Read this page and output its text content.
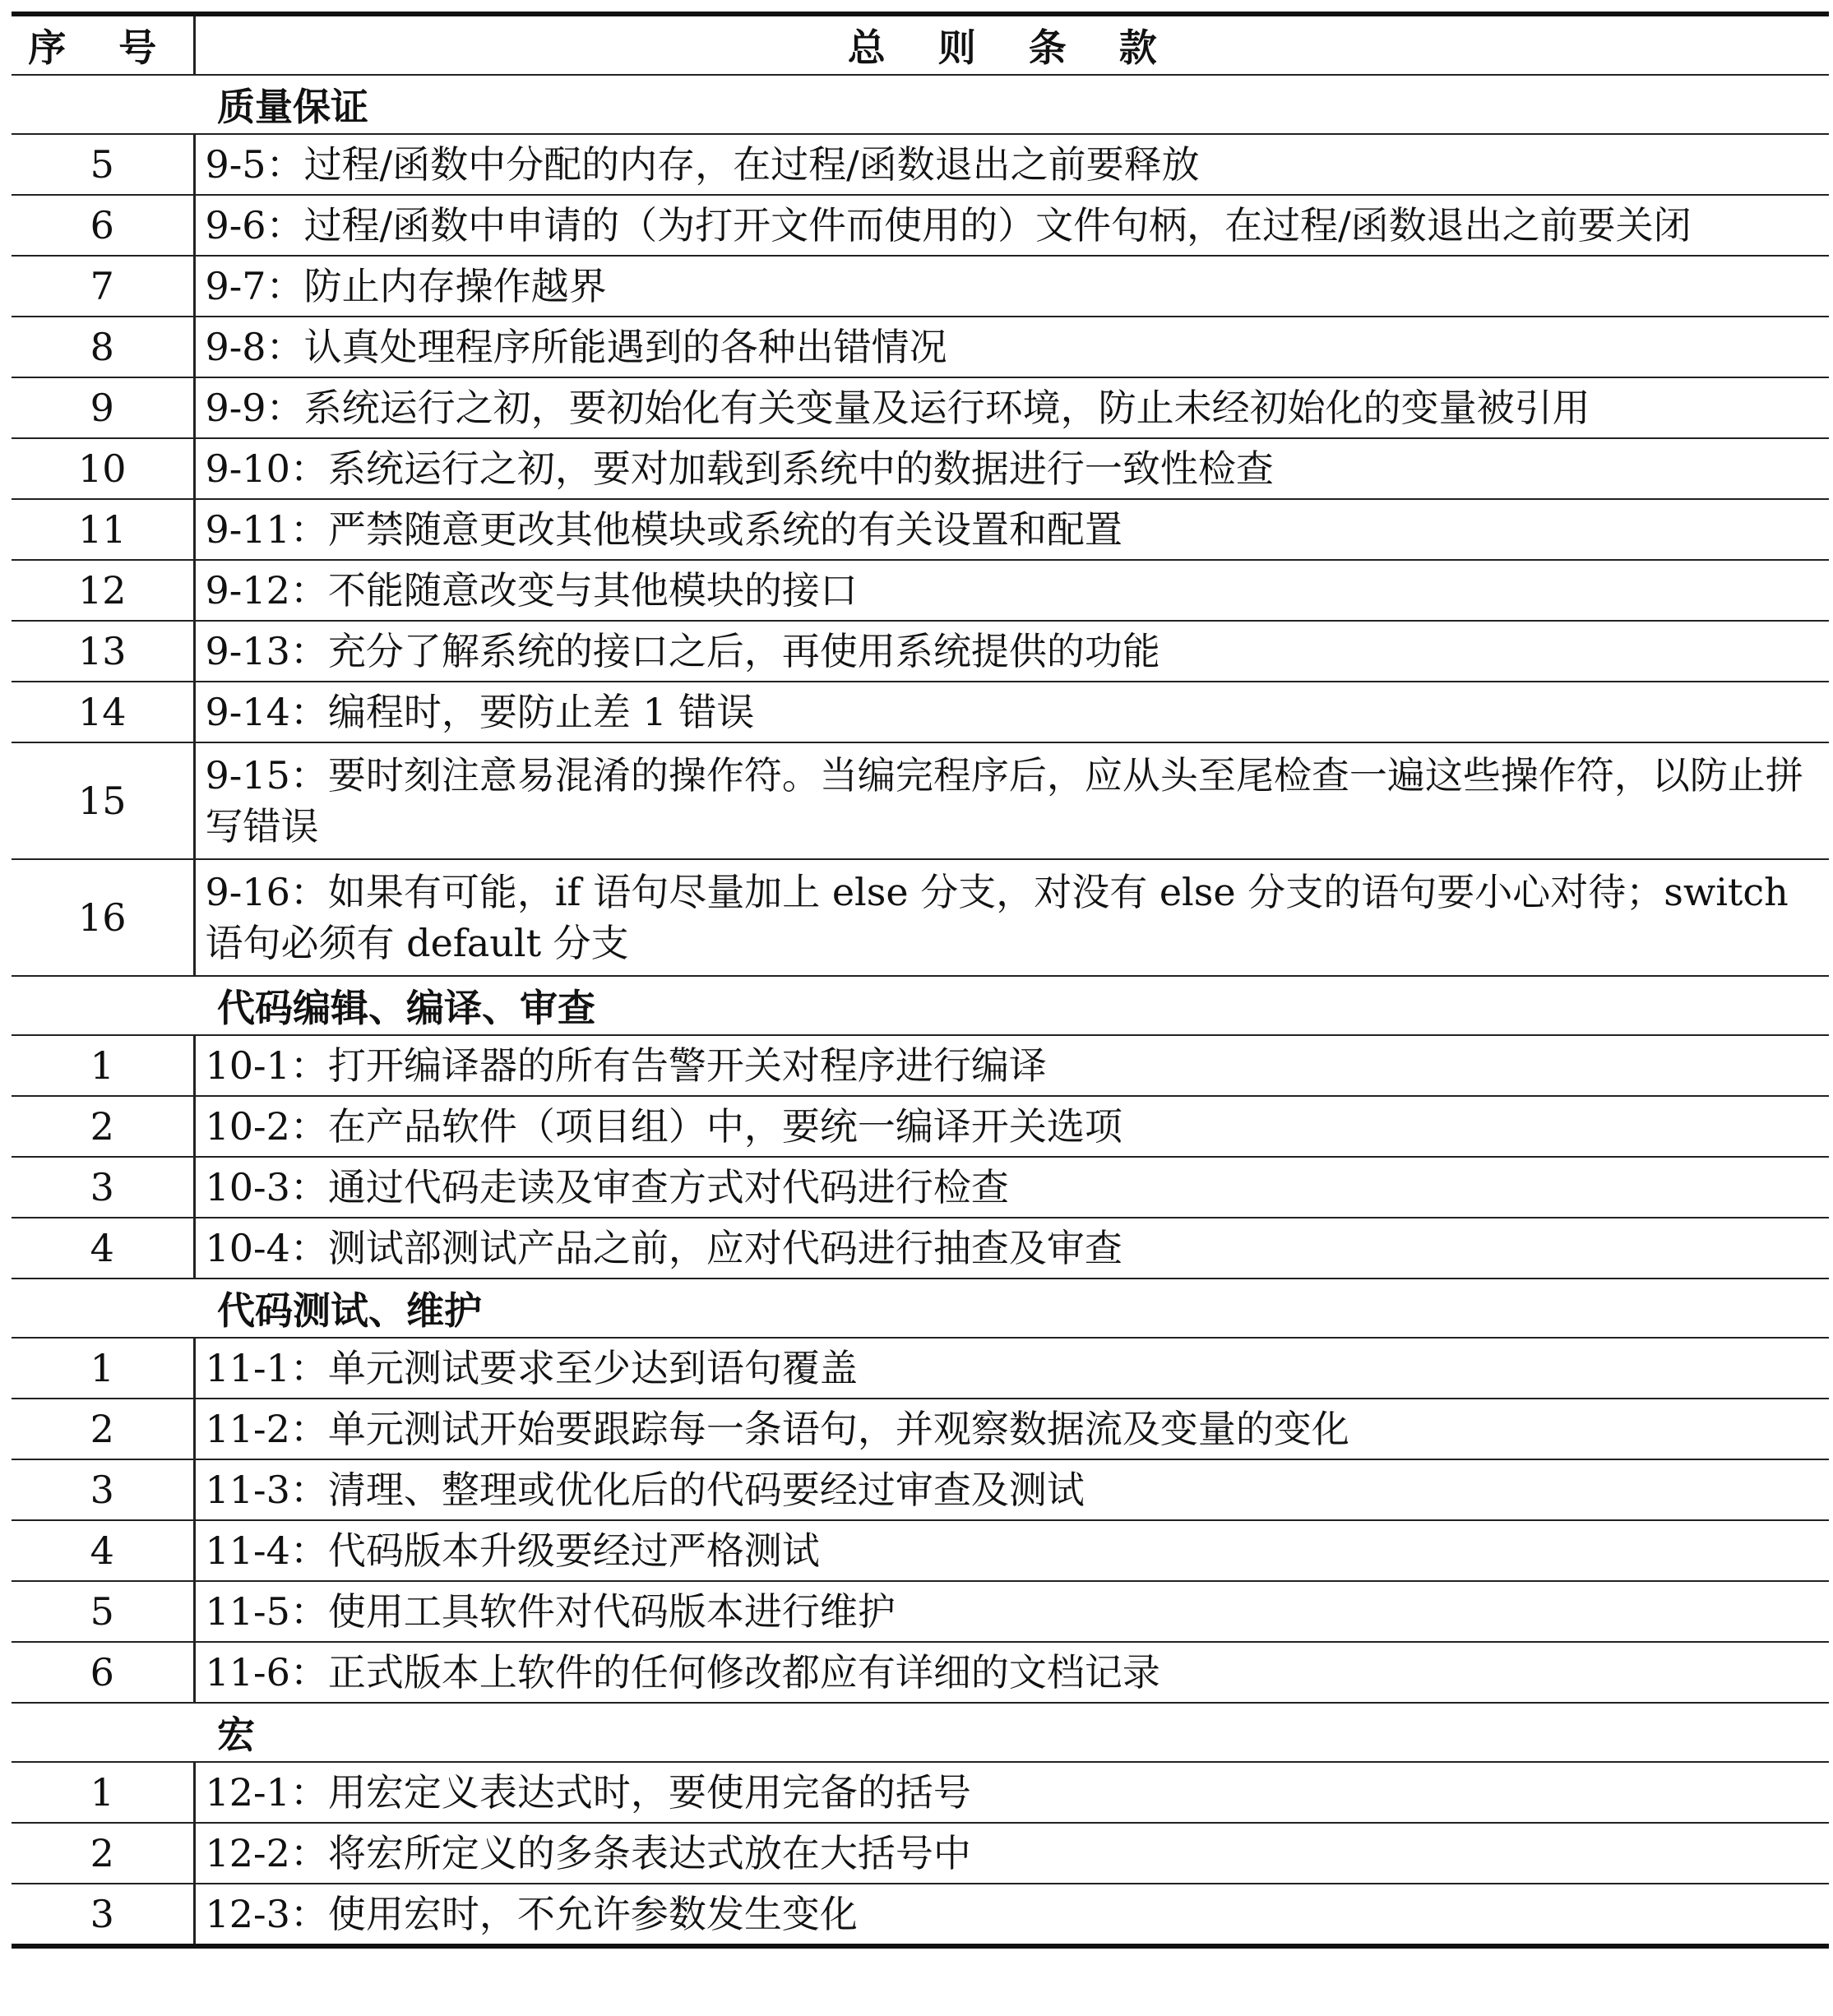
序 号	总 则 条 款
质量保证	
5	9-5：过程/函数中分配的内存，在过程/函数退出之前要释放
6	9-6：过程/函数中申请的（为打开文件而使用的）文件句柄，在过程/函数退出之前要关闭
7	9-7：防止内存操作越界
8	9-8：认真处理程序所能遇到的各种出错情况
9	9-9：系统运行之初，要初始化有关变量及运行环境，防止未经初始化的变量被引用
10	9-10：系统运行之初，要对加载到系统中的数据进行一致性检查
11	9-11：严禁随意更改其他模块或系统的有关设置和配置
12	9-12：不能随意改变与其他模块的接口
13	9-13：充分了解系统的接口之后，再使用系统提供的功能
14	9-14：编程时，要防止差 1 错误
15	9-15：要时刻注意易混淆的操作符。当编完程序后，应从头至尾检查一遍这些操作符，以防止拼写错误
16	9-16：如果有可能，if 语句尽量加上 else 分支，对没有 else 分支的语句要小心对待；switch 语句必须有 default 分支
代码编辑、编译、审查	
1	10-1：打开编译器的所有告警开关对程序进行编译
2	10-2：在产品软件（项目组）中，要统一编译开关选项
3	10-3：通过代码走读及审查方式对代码进行检查
4	10-4：测试部测试产品之前，应对代码进行抽查及审查
代码测试、维护	
1	11-1：单元测试要求至少达到语句覆盖
2	11-2：单元测试开始要跟踪每一条语句，并观察数据流及变量的变化
3	11-3：清理、整理或优化后的代码要经过审查及测试
4	11-4：代码版本升级要经过严格测试
5	11-5：使用工具软件对代码版本进行维护
6	11-6：正式版本上软件的任何修改都应有详细的文档记录
宏	
1	12-1：用宏定义表达式时，要使用完备的括号
2	12-2：将宏所定义的多条表达式放在大括号中
3	12-3：使用宏时，不允许参数发生变化
